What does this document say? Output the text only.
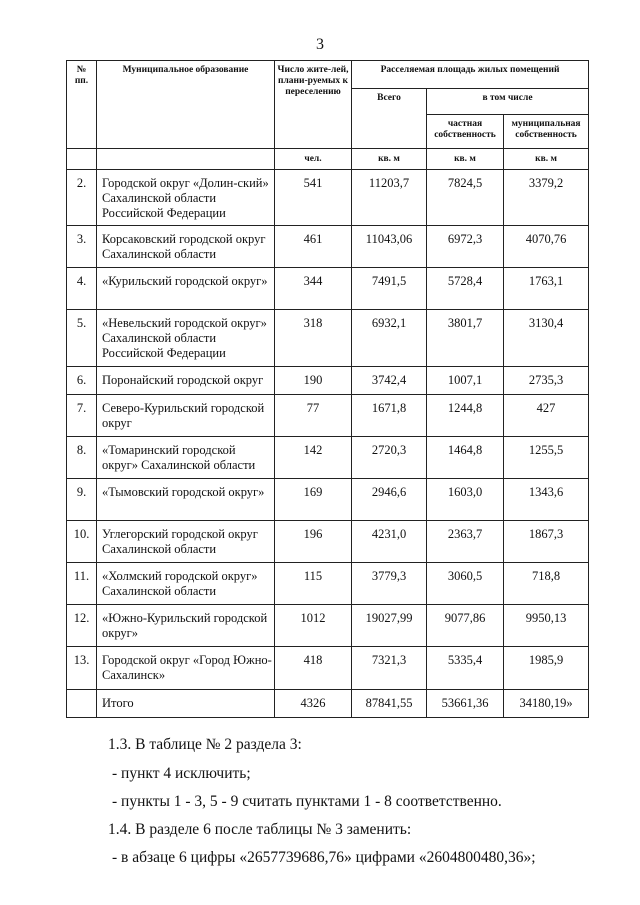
3
№ пп.	Муниципальное образование	Число жите-лей, плани-руемых к переселению	Расселяемая площадь жилых помещений		
			Всего	в том числе	
				частная собственность	муниципальная собственность
		чел.	кв. м	кв. м	кв. м
2.	Городской округ «Долин-ский» Сахалинской области Российской Федерации	541	11203,7	7824,5	3379,2
3.	Корсаковский городской округ Сахалинской области	461	11043,06	6972,3	4070,76
4.	«Курильский городской округ»	344	7491,5	5728,4	1763,1
5.	«Невельский городской округ» Сахалинской области Российской Федерации	318	6932,1	3801,7	3130,4
6.	Поронайский городской округ	190	3742,4	1007,1	2735,3
7.	Северо-Курильский городской округ	77	1671,8	1244,8	427
8.	«Томаринский городской округ» Сахалинской области	142	2720,3	1464,8	1255,5
9.	«Тымовский городской округ»	169	2946,6	1603,0	1343,6
10.	Углегорский городской округ Сахалинской области	196	4231,0	2363,7	1867,3
11.	«Холмский городской округ» Сахалинской области	115	3779,3	3060,5	718,8
12.	«Южно-Курильский городской округ»	1012	19027,99	9077,86	9950,13
13.	Городской округ «Город Южно-Сахалинск»	418	7321,3	5335,4	1985,9
	Итого	4326	87841,55	53661,36	34180,19»
1.3. В таблице № 2 раздела 3:
- пункт 4 исключить;
- пункты 1 - 3, 5 - 9 считать пунктами 1 - 8 соответственно.
1.4. В разделе 6 после таблицы № 3 заменить:
- в абзаце 6 цифры «2657739686,76» цифрами «2604800480,36»;
